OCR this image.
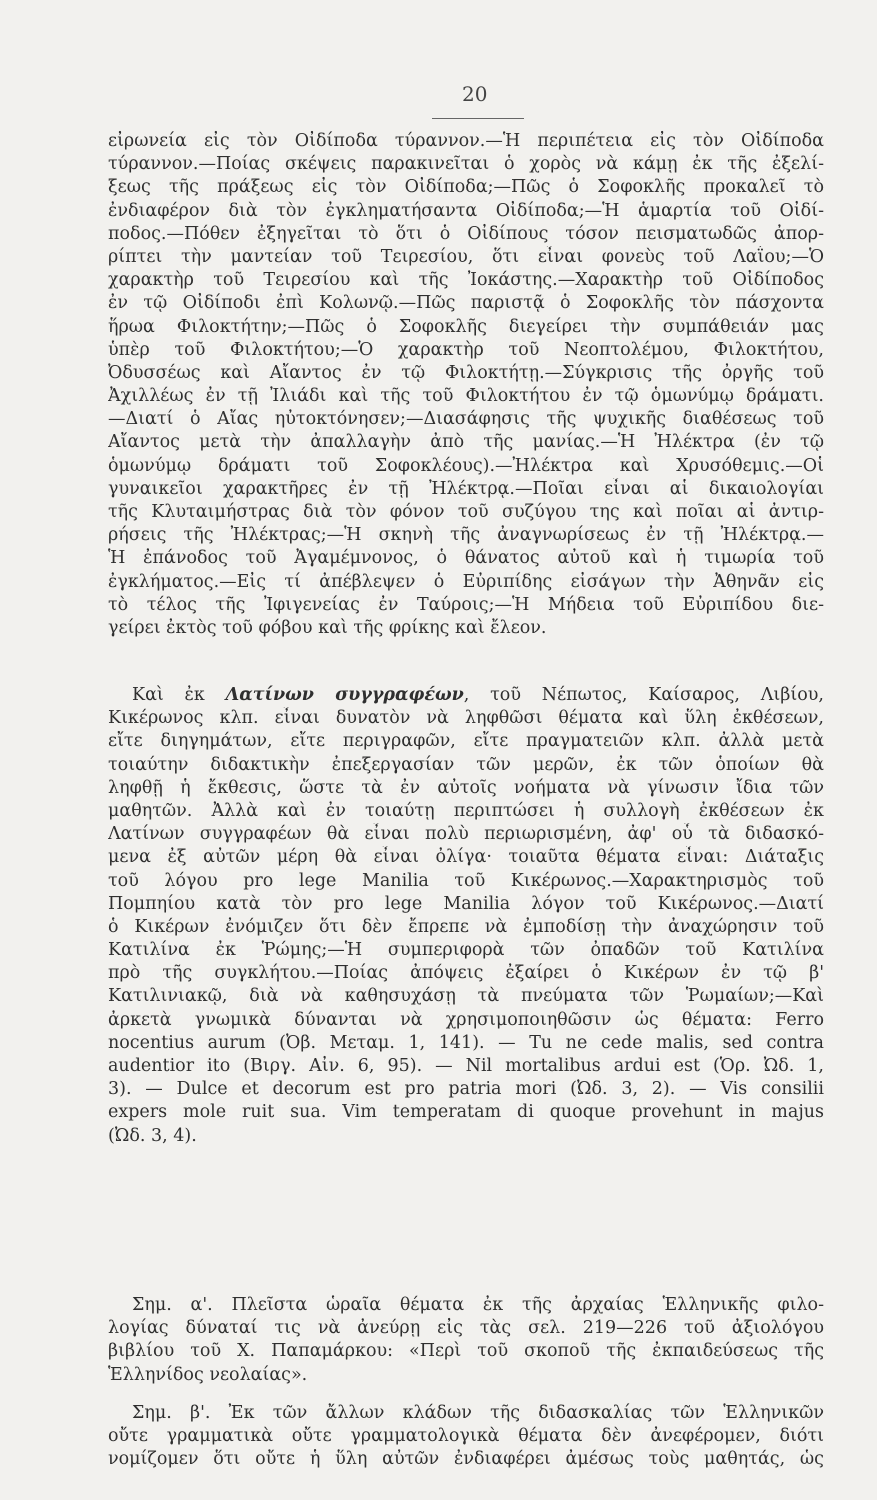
20
εἰρωνεία εἰς τὸν Οἰδίποδα τύραννον.—Ἡ περιπέτεια εἰς τὸν Οἰδίποδα
τύραννον.—Ποίας σκέψεις παρακινεῖται ὁ χορὸς νὰ κάμῃ ἐκ τῆς ἐξελί-
ξεως τῆς πράξεως εἰς τὸν Οἰδίποδα;—Πῶς ὁ Σοφοκλῆς προκαλεῖ τὸ
ἐνδιαφέρον διὰ τὸν ἐγκληματήσαντα Οἰδίποδα;—Ἡ ἁμαρτία τοῦ Οἰδί-
ποδος.—Πόθεν ἐξηγεῖται τὸ ὅτι ὁ Οἰδίπους τόσον πεισματωδῶς ἀπορ-
ρίπτει τὴν μαντείαν τοῦ Τειρεσίου, ὅτι εἶναι φονεὺς τοῦ Λαΐου;—Ὁ
χαρακτὴρ τοῦ Τειρεσίου καὶ τῆς Ἰοκάστης.—Χαρακτὴρ τοῦ Οἰδίποδος
ἐν τῷ Οἰδίποδι ἐπὶ Κολωνῷ.—Πῶς παριστᾷ ὁ Σοφοκλῆς τὸν πάσχοντα
ἥρωα Φιλοκτήτην;—Πῶς ὁ Σοφοκλῆς διεγείρει τὴν συμπάθειάν μας
ὑπὲρ τοῦ Φιλοκτήτου;—Ὁ χαρακτὴρ τοῦ Νεοπτολέμου, Φιλοκτήτου,
Ὀδυσσέως καὶ Αἴαντος ἐν τῷ Φιλοκτήτῃ.—Σύγκρισις τῆς ὀργῆς τοῦ
Ἀχιλλέως ἐν τῇ Ἰλιάδι καὶ τῆς τοῦ Φιλοκτήτου ἐν τῷ ὁμωνύμῳ δράματι.
—Διατί ὁ Αἴας ηὐτοκτόνησεν;—Διασάφησις τῆς ψυχικῆς διαθέσεως τοῦ
Αἴαντος μετὰ τὴν ἀπαλλαγὴν ἀπὸ τῆς μανίας.—Ἡ Ἠλέκτρα (ἐν τῷ
ὁμωνύμῳ δράματι τοῦ Σοφοκλέους).—Ἠλέκτρα καὶ Χρυσόθεμις.—Οἱ
γυναικεῖοι χαρακτῆρες ἐν τῇ Ἠλέκτρᾳ.—Ποῖαι εἶναι αἱ δικαιολογίαι
τῆς Κλυταιμήστρας διὰ τὸν φόνον τοῦ συζύγου της καὶ ποῖαι αἱ ἀντιρ-
ρήσεις τῆς Ἠλέκτρας;—Ἡ σκηνὴ τῆς ἀναγνωρίσεως ἐν τῇ Ἠλέκτρᾳ.—
Ἡ ἐπάνοδος τοῦ Ἀγαμέμνονος, ὁ θάνατος αὐτοῦ καὶ ἡ τιμωρία τοῦ
ἐγκλήματος.—Εἰς τί ἀπέβλεψεν ὁ Εὐριπίδης εἰσάγων τὴν Ἀθηνᾶν εἰς
τὸ τέλος τῆς Ἰφιγενείας ἐν Ταύροις;—Ἡ Μήδεια τοῦ Εὐριπίδου διε-
γείρει ἐκτὸς τοῦ φόβου καὶ τῆς φρίκης καὶ ἔλεον.
Καὶ ἐκ Λατίνων συγγραφέων, τοῦ Νέπωτος, Καίσαρος, Λιβίου,
Κικέρωνος κλπ. εἶναι δυνατὸν νὰ ληφθῶσι θέματα καὶ ὕλη ἐκθέσεων,
εἴτε διηγημάτων, εἴτε περιγραφῶν, εἴτε πραγματειῶν κλπ. ἀλλὰ μετὰ
τοιαύτην διδακτικὴν ἐπεξεργασίαν τῶν μερῶν, ἐκ τῶν ὁποίων θὰ
ληφθῇ ἡ ἔκθεσις, ὥστε τὰ ἐν αὐτοῖς νοήματα νὰ γίνωσιν ἴδια τῶν
μαθητῶν. Ἀλλὰ καὶ ἐν τοιαύτῃ περιπτώσει ἡ συλλογὴ ἐκθέσεων ἐκ
Λατίνων συγγραφέων θὰ εἶναι πολὺ περιωρισμένη, ἀφ' οὗ τὰ διδασκό-
μενα ἐξ αὐτῶν μέρη θὰ εἶναι ὀλίγα· τοιαῦτα θέματα εἶναι: Διάταξις
τοῦ λόγου pro lege Manilia τοῦ Κικέρωνος.—Χαρακτηρισμὸς τοῦ
Πομπηίου κατὰ τὸν pro lege Manilia λόγον τοῦ Κικέρωνος.—Διατί
ὁ Κικέρων ἐνόμιζεν ὅτι δὲν ἔπρεπε νὰ ἐμποδίσῃ τὴν ἀναχώρησιν τοῦ
Κατιλίνα ἐκ Ῥώμης;—Ἡ συμπεριφορὰ τῶν ὀπαδῶν τοῦ Κατιλίνα
πρὸ τῆς συγκλήτου.—Ποίας ἀπόψεις ἐξαίρει ὁ Κικέρων ἐν τῷ β'
Κατιλινιακῷ, διὰ νὰ καθησυχάσῃ τὰ πνεύματα τῶν Ῥωμαίων;—Καὶ
ἀρκετὰ γνωμικὰ δύνανται νὰ χρησιμοποιηθῶσιν ὡς θέματα: Ferro
nocentius aurum (Ὀβ. Μεταμ. 1, 141). — Tu ne cede malis, sed contra
audentior ito (Βιργ. Αἰν. 6, 95). — Nil mortalibus ardui est (Ὁρ. Ὠδ. 1,
3). — Dulce et decorum est pro patria mori (Ὠδ. 3, 2). — Vis consilii
expers mole ruit sua. Vim temperatam di quoque provehunt in majus
(Ὠδ. 3, 4).
Σημ. α'. Πλεῖστα ὡραῖα θέματα ἐκ τῆς ἀρχαίας Ἑλληνικῆς φιλο-
λογίας δύναταί τις νὰ ἀνεύρῃ εἰς τὰς σελ. 219—226 τοῦ ἀξιολόγου
βιβλίου τοῦ Χ. Παπαμάρκου: «Περὶ τοῦ σκοποῦ τῆς ἐκπαιδεύσεως τῆς
Ἑλληνίδος νεολαίας».
Σημ. β'. Ἐκ τῶν ἄλλων κλάδων τῆς διδασκαλίας τῶν Ἑλληνικῶν
οὔτε γραμματικὰ οὔτε γραμματολογικὰ θέματα δὲν ἀνεφέρομεν, διότι
νομίζομεν ὅτι οὔτε ἡ ὕλη αὐτῶν ἐνδιαφέρει ἀμέσως τοὺς μαθητάς, ὡς
